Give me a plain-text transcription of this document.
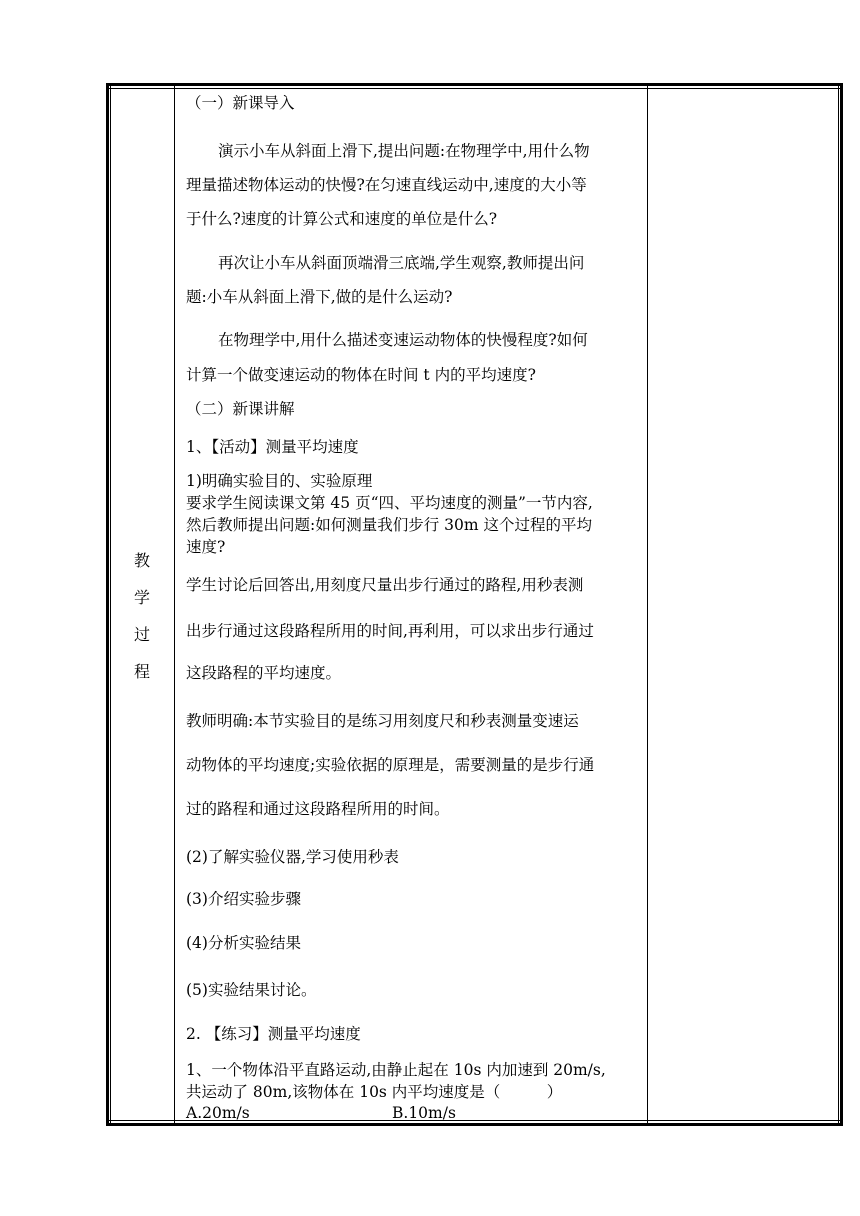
教
学
过
程
（一）新课导入
演示小车从斜面上滑下,提出问题:在物理学中,用什么物
理量描述物体运动的快慢?在匀速直线运动中,速度的大小等
于什么?速度的计算公式和速度的单位是什么?
再次让小车从斜面顶端滑三底端,学生观察,教师提出问
题:小车从斜面上滑下,做的是什么运动?
在物理学中,用什么描述变速运动物体的快慢程度?如何
计算一个做变速运动的物体在时间 t 内的平均速度?
（二）新课讲解
1、【活动】测量平均速度
1)明确实验目的、实验原理
要求学生阅读课文第 45 页“四、平均速度的测量”一节内容,
然后教师提出问题:如何测量我们步行 30m 这个过程的平均
速度?
学生讨论后回答出,用刻度尺量出步行通过的路程,用秒表测
出步行通过这段路程所用的时间,再利用，可以求出步行通过
这段路程的平均速度。
教师明确:本节实验目的是练习用刻度尺和秒表测量变速运
动物体的平均速度;实验依据的原理是，需要测量的是步行通
过的路程和通过这段路程所用的时间。
(2)了解实验仪器,学习使用秒表
(3)介绍实验步骤
(4)分析实验结果
(5)实验结果讨论。
2. 【练习】测量平均速度
1、一个物体沿平直路运动,由静止起在 10s 内加速到 20m/s,
共运动了 80m,该物体在 10s 内平均速度是（　　　）
A.20m/s	B.10m/s
